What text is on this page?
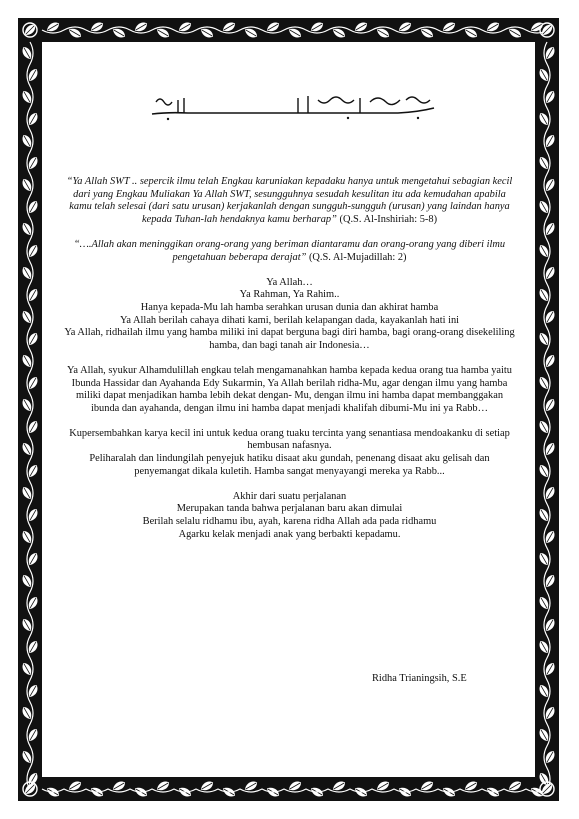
“Ya Allah SWT .. sepercik ilmu telah Engkau karuniakan kepadaku hanya untuk mengetahui sebagian kecil dari yang Engkau Muliakan Ya Allah SWT, sesungguhnya sesudah kesulitan itu ada kemudahan apabila kamu telah selesai (dari satu urusan) kerjakanlah dengan sungguh-sungguh (urusan) yang laindan hanya kepada Tuhan-lah hendaknya kamu berharap” (Q.S. Al-Inshiriah: 5-8)

“….Allah akan meninggikan orang-orang yang beriman diantaramu dan orang-orang yang diberi ilmu pengetahuan beberapa derajat” (Q.S. Al-Mujadillah: 2)

Ya Allah…

Ya Rahman, Ya Rahim..

Hanya kepada-Mu lah hamba serahkan urusan dunia dan akhirat hamba

Ya Allah berilah cahaya dihati kami, berilah kelapangan dada, kayakanlah hati ini

Ya Allah, ridhailah ilmu yang hamba miliki ini dapat berguna bagi diri hamba, bagi orang-orang disekeliling hamba, dan bagi tanah air Indonesia…

Ya Allah, syukur Alhamdulillah engkau telah mengamanahkan hamba kepada kedua orang tua hamba yaitu Ibunda Hassidar dan Ayahanda Edy Sukarmin, Ya Allah berilah ridha-Mu, agar dengan ilmu yang hamba miliki dapat menjadikan hamba lebih dekat dengan- Mu, dengan ilmu ini hamba dapat membanggakan ibunda dan ayahanda, dengan ilmu ini hamba dapat menjadi khalifah dibumi-Mu ini ya Rabb…

Kupersembahkan karya kecil ini untuk kedua orang tuaku tercinta yang senantiasa mendoakanku di setiap hembusan nafasnya.

Peliharalah dan lindungilah penyejuk hatiku disaat aku gundah, penenang disaat aku gelisah dan penyemangat dikala kuletih. Hamba sangat menyayangi mereka ya Rabb...

Akhir dari suatu perjalanan

Merupakan tanda bahwa perjalanan baru akan dimulai

Berilah selalu ridhamu ibu, ayah, karena ridha Allah ada pada ridhamu

Agarku kelak menjadi anak yang berbakti kepadamu.

Ridha Trianingsih, S.E
